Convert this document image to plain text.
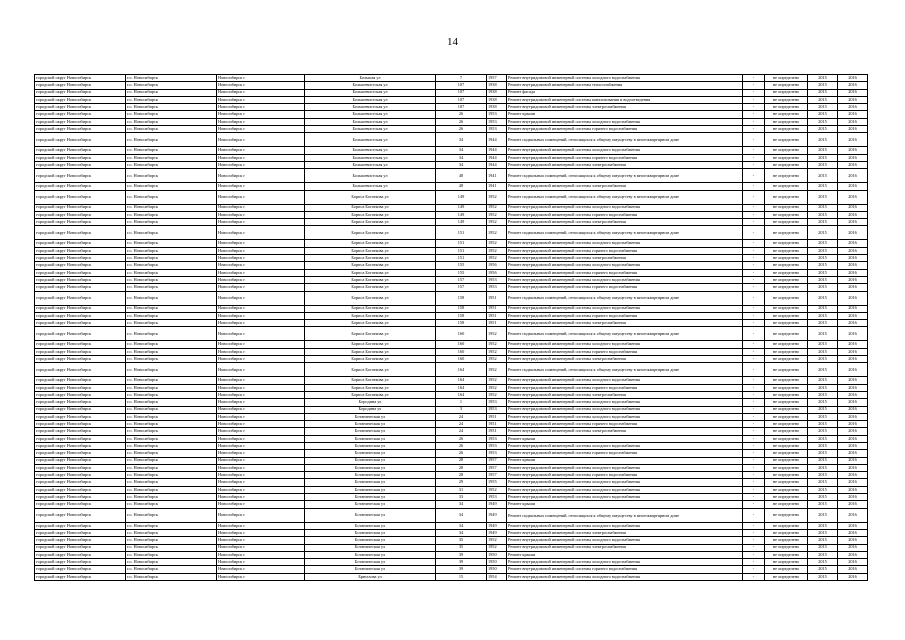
14
городской округ Новосибирск	г.о. Новосибирск	Новосибирск г	Большая ул	7	1957	Ремонт внутридомовой инженерной системы холодного водоснабжения	-	не определено	2015	2016
городской округ Новосибирск	г.о. Новосибирск	Новосибирск г	Большевистская ул	107	1938	Ремонт внутридомовой инженерной системы теплоснабжения	-	не определено	2015	2016
городской округ Новосибирск	г.о. Новосибирск	Новосибирск г	Большевистская ул	107	1938	Ремонт фасада	-	не определено	2015	2016
городской округ Новосибирск	г.о. Новосибирск	Новосибирск г	Большевистская ул	107	1938	Ремонт внутридомовой инженерной системы канализования и водоотведения	-	не определено	2015	2016
городской округ Новосибирск	г.о. Новосибирск	Новосибирск г	Большевистская ул	107	1938	Ремонт внутридомовой инженерной системы электроснабжения	-	не определено	2015	2016
городской округ Новосибирск	г.о. Новосибирск	Новосибирск г	Большевистская ул	26	1953	Ремонт крыши	-	не определено	2015	2016
городской округ Новосибирск	г.о. Новосибирск	Новосибирск г	Большевистская ул	26	1953	Ремонт внутридомовой инженерной системы холодного водоснабжения	-	не определено	2015	2016
городской округ Новосибирск	г.о. Новосибирск	Новосибирск г	Большевистская ул	26	1953	Ремонт внутридомовой инженерной системы горячего водоснабжения	-	не определено	2015	2016
городской округ Новосибирск	г.о. Новосибирск	Новосибирск г	Большевистская ул	34	1944	Ремонт подвальных помещений, относящихся к общему имуществу в многоквартирном доме	-	не определено	2015	2016
городской округ Новосибирск	г.о. Новосибирск	Новосибирск г	Большевистская ул	34	1944	Ремонт внутридомовой инженерной системы холодного водоснабжения	-	не определено	2015	2016
городской округ Новосибирск	г.о. Новосибирск	Новосибирск г	Большевистская ул	34	1944	Ремонт внутридомовой инженерной системы горячего водоснабжения	-	не определено	2015	2016
городской округ Новосибирск	г.о. Новосибирск	Новосибирск г	Большевистская ул	34	1944	Ремонт внутридомовой инженерной системы электроснабжения	-	не определено	2015	2016
городской округ Новосибирск	г.о. Новосибирск	Новосибирск г	Большевистская ул	48	1941	Ремонт подвальных помещений, относящихся к общему имуществу в многоквартирном доме	-	не определено	2015	2016
городской округ Новосибирск	г.о. Новосибирск	Новосибирск г	Большевистская ул	48	1941	Ремонт внутридомовой инженерной системы электроснабжения	-	не определено	2015	2016
городской округ Новосибирск	г.о. Новосибирск	Новосибирск г	Бориса Богаткова ул	149	1952	Ремонт подвальных помещений, относящихся к общему имуществу в многоквартирном доме	-	не определено	2015	2016
городской округ Новосибирск	г.о. Новосибирск	Новосибирск г	Бориса Богаткова ул	149	1952	Ремонт внутридомовой инженерной системы холодного водоснабжения	-	не определено	2015	2016
городской округ Новосибирск	г.о. Новосибирск	Новосибирск г	Бориса Богаткова ул	149	1952	Ремонт внутридомовой инженерной системы горячего водоснабжения	-	не определено	2015	2016
городской округ Новосибирск	г.о. Новосибирск	Новосибирск г	Бориса Богаткова ул	149	1952	Ремонт внутридомовой инженерной системы электроснабжения	-	не определено	2015	2016
городской округ Новосибирск	г.о. Новосибирск	Новосибирск г	Бориса Богаткова ул	151	1952	Ремонт подвальных помещений, относящихся к общему имуществу в многоквартирном доме	-	не определено	2015	2016
городской округ Новосибирск	г.о. Новосибирск	Новосибирск г	Бориса Богаткова ул	151	1952	Ремонт внутридомовой инженерной системы холодного водоснабжения	-	не определено	2015	2016
городской округ Новосибирск	г.о. Новосибирск	Новосибирск г	Бориса Богаткова ул	151	1952	Ремонт внутридомовой инженерной системы горячего водоснабжения	-	не определено	2015	2016
городской округ Новосибирск	г.о. Новосибирск	Новосибирск г	Бориса Богаткова ул	151	1952	Ремонт внутридомовой инженерной системы электроснабжения	-	не определено	2015	2016
городской округ Новосибирск	г.о. Новосибирск	Новосибирск г	Бориса Богаткова ул	155	1956	Ремонт внутридомовой инженерной системы холодного водоснабжения	-	не определено	2015	2016
городской округ Новосибирск	г.о. Новосибирск	Новосибирск г	Бориса Богаткова ул	155	1956	Ремонт внутридомовой инженерной системы горячего водоснабжения	-	не определено	2015	2016
городской округ Новосибирск	г.о. Новосибирск	Новосибирск г	Бориса Богаткова ул	157	1953	Ремонт внутридомовой инженерной системы холодного водоснабжения	-	не определено	2015	2016
городской округ Новосибирск	г.о. Новосибирск	Новосибирск г	Бориса Богаткова ул	157	1953	Ремонт внутридомовой инженерной системы горячего водоснабжения	-	не определено	2015	2016
городской округ Новосибирск	г.о. Новосибирск	Новосибирск г	Бориса Богаткова ул	158	1951	Ремонт подвальных помещений, относящихся к общему имуществу в многоквартирном доме	-	не определено	2015	2016
городской округ Новосибирск	г.о. Новосибирск	Новосибирск г	Бориса Богаткова ул	158	1951	Ремонт внутридомовой инженерной системы холодного водоснабжения	-	не определено	2015	2016
городской округ Новосибирск	г.о. Новосибирск	Новосибирск г	Бориса Богаткова ул	158	1951	Ремонт внутридомовой инженерной системы горячего водоснабжения	-	не определено	2015	2016
городской округ Новосибирск	г.о. Новосибирск	Новосибирск г	Бориса Богаткова ул	158	1951	Ремонт внутридомовой инженерной системы электроснабжения	-	не определено	2015	2016
городской округ Новосибирск	г.о. Новосибирск	Новосибирск г	Бориса Богаткова ул	160	1952	Ремонт подвальных помещений, относящихся к общему имуществу в многоквартирном доме	-	не определено	2015	2016
городской округ Новосибирск	г.о. Новосибирск	Новосибирск г	Бориса Богаткова ул	160	1952	Ремонт внутридомовой инженерной системы холодного водоснабжения	-	не определено	2015	2016
городской округ Новосибирск	г.о. Новосибирск	Новосибирск г	Бориса Богаткова ул	160	1952	Ремонт внутридомовой инженерной системы горячего водоснабжения	-	не определено	2015	2016
городской округ Новосибирск	г.о. Новосибирск	Новосибирск г	Бориса Богаткова ул	160	1952	Ремонт внутридомовой инженерной системы электроснабжения	-	не определено	2015	2016
городской округ Новосибирск	г.о. Новосибирск	Новосибирск г	Бориса Богаткова ул	164	1952	Ремонт подвальных помещений, относящихся к общему имуществу в многоквартирном доме	-	не определено	2015	2016
городской округ Новосибирск	г.о. Новосибирск	Новосибирск г	Бориса Богаткова ул	164	1952	Ремонт внутридомовой инженерной системы холодного водоснабжения	-	не определено	2015	2016
городской округ Новосибирск	г.о. Новосибирск	Новосибирск г	Бориса Богаткова ул	164	1952	Ремонт внутридомовой инженерной системы горячего водоснабжения	-	не определено	2015	2016
городской округ Новосибирск	г.о. Новосибирск	Новосибирск г	Бориса Богаткова ул	164	1952	Ремонт внутридомовой инженерной системы электроснабжения	-	не определено	2015	2016
городской округ Новосибирск	г.о. Новосибирск	Новосибирск г	Бородина ул	1	1953	Ремонт внутридомовой инженерной системы холодного водоснабжения	-	не определено	2015	2016
городской округ Новосибирск	г.о. Новосибирск	Новосибирск г	Бородина ул	3	1953	Ремонт внутридомовой инженерной системы холодного водоснабжения	-	не определено	2015	2016
городской округ Новосибирск	г.о. Новосибирск	Новосибирск г	Ботаническая ул	24	1951	Ремонт внутридомовой инженерной системы холодного водоснабжения	-	не определено	2015	2016
городской округ Новосибирск	г.о. Новосибирск	Новосибирск г	Ботаническая ул	24	1951	Ремонт внутридомовой инженерной системы горячего водоснабжения	-	не определено	2015	2016
городской округ Новосибирск	г.о. Новосибирск	Новосибирск г	Ботаническая ул	24	1951	Ремонт внутридомовой инженерной системы электроснабжения	-	не определено	2015	2016
городской округ Новосибирск	г.о. Новосибирск	Новосибирск г	Ботаническая ул	26	1953	Ремонт крыши	-	не определено	2015	2016
городской округ Новосибирск	г.о. Новосибирск	Новосибирск г	Ботаническая ул	26	1953	Ремонт внутридомовой инженерной системы холодного водоснабжения	-	не определено	2015	2016
городской округ Новосибирск	г.о. Новосибирск	Новосибирск г	Ботаническая ул	26	1953	Ремонт внутридомовой инженерной системы горячего водоснабжения	-	не определено	2015	2016
городской округ Новосибирск	г.о. Новосибирск	Новосибирск г	Ботаническая ул	28	1957	Ремонт крыши	-	не определено	2015	2016
городской округ Новосибирск	г.о. Новосибирск	Новосибирск г	Ботаническая ул	28	1957	Ремонт внутридомовой инженерной системы холодного водоснабжения	-	не определено	2015	2016
городской округ Новосибирск	г.о. Новосибирск	Новосибирск г	Ботаническая ул	28	1957	Ремонт внутридомовой инженерной системы горячего водоснабжения	-	не определено	2015	2016
городской округ Новосибирск	г.о. Новосибирск	Новосибирск г	Ботаническая ул	29	1955	Ремонт внутридомовой инженерной системы холодного водоснабжения	-	не определено	2015	2016
городской округ Новосибирск	г.о. Новосибирск	Новосибирск г	Ботаническая ул	31	1952	Ремонт внутридомовой инженерной системы холодного водоснабжения	-	не определено	2015	2016
городской округ Новосибирск	г.о. Новосибирск	Новосибирск г	Ботаническая ул	33	1953	Ремонт внутридомовой инженерной системы холодного водоснабжения	-	не определено	2015	2016
городской округ Новосибирск	г.о. Новосибирск	Новосибирск г	Ботаническая ул	34	1949	Ремонт крыши	-	не определено	2015	2016
городской округ Новосибирск	г.о. Новосибирск	Новосибирск г	Ботаническая ул	34	1949	Ремонт подвальных помещений, относящихся к общему имуществу в многоквартирном доме	-	не определено	2015	2016
городской округ Новосибирск	г.о. Новосибирск	Новосибирск г	Ботаническая ул	34	1949	Ремонт внутридомовой инженерной системы холодного водоснабжения	-	не определено	2015	2016
городской округ Новосибирск	г.о. Новосибирск	Новосибирск г	Ботаническая ул	34	1949	Ремонт внутридомовой инженерной системы электроснабжения	-	не определено	2015	2016
городской округ Новосибирск	г.о. Новосибирск	Новосибирск г	Ботаническая ул	35	1952	Ремонт внутридомовой инженерной системы холодного водоснабжения	-	не определено	2015	2016
городской округ Новосибирск	г.о. Новосибирск	Новосибирск г	Ботаническая ул	35	1952	Ремонт внутридомовой инженерной системы электроснабжения	-	не определено	2015	2016
городской округ Новосибирск	г.о. Новосибирск	Новосибирск г	Ботаническая ул	39	1950	Ремонт крыши	-	не определено	2015	2016
городской округ Новосибирск	г.о. Новосибирск	Новосибирск г	Ботаническая ул	39	1950	Ремонт внутридомовой инженерной системы холодного водоснабжения	-	не определено	2015	2016
городской округ Новосибирск	г.о. Новосибирск	Новосибирск г	Ботаническая ул	39	1950	Ремонт внутридомовой инженерной системы горячего водоснабжения	-	не определено	2015	2016
городской округ Новосибирск	г.о. Новосибирск	Новосибирск г	Брюллова ул	15	1954	Ремонт внутридомовой инженерной системы холодного водоснабжения	-	не определено	2015	2016
